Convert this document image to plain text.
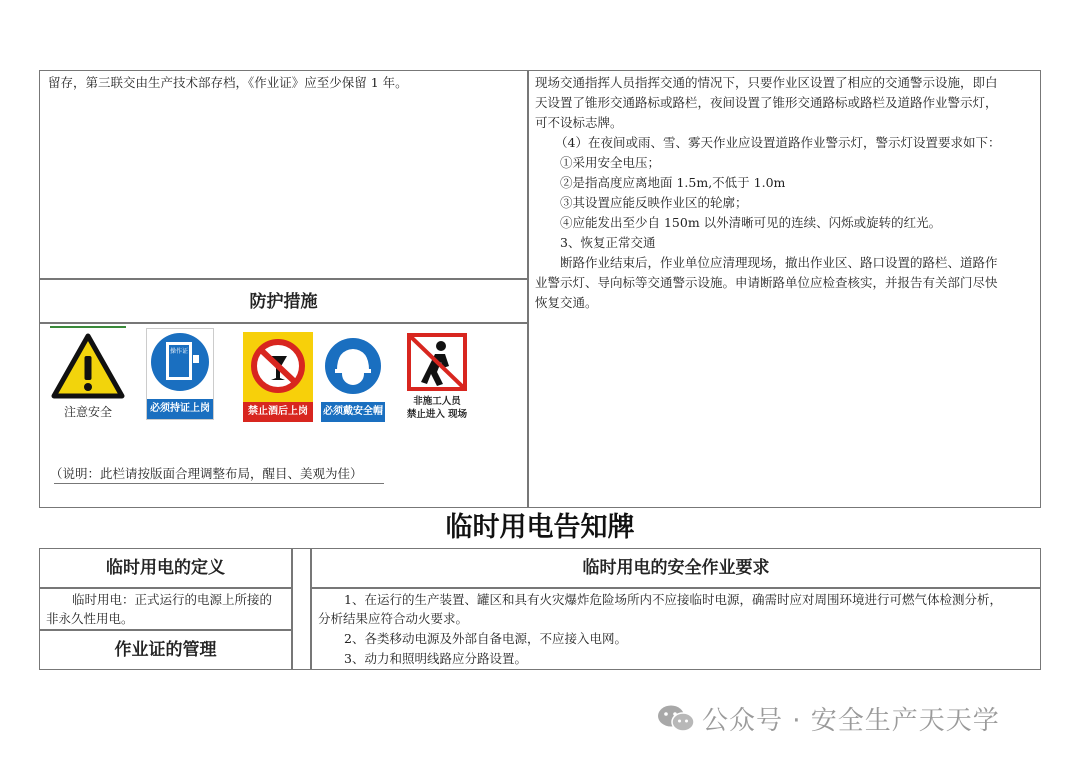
留存，第三联交由生产技术部存档，《作业证》应至少保留 1 年。
防护措施
注意安全
操作证
必须持证上岗	禁止酒后上岗	必须戴安全帽
非施工人员
禁止进入 现场
（说明：此栏请按版面合理调整布局，醒目、美观为佳）
现场交通指挥人员指挥交通的情况下，只要作业区设置了相应的交通警示设施，即白
天设置了锥形交通路标或路栏，夜间设置了锥形交通路标或路栏及道路作业警示灯，
可不设标志牌。
（4）在夜间或雨、雪、雾天作业应设置道路作业警示灯，警示灯设置要求如下：
①采用安全电压；
②是指高度应离地面 1.5m,不低于 1.0m
③其设置应能反映作业区的轮廓；
④应能发出至少自 150m 以外清晰可见的连续、闪烁或旋转的红光。
3、恢复正常交通
断路作业结束后，作业单位应清理现场，撤出作业区、路口设置的路栏、道路作
业警示灯、导向标等交通警示设施。申请断路单位应检查核实，并报告有关部门尽快
恢复交通。
临时用电告知牌
临时用电的定义	临时用电的安全作业要求
临时用电：正式运行的电源上所接的
非永久性用电。
作业证的管理
1、在运行的生产装置、罐区和具有火灾爆炸危险场所内不应接临时电源，确需时应对周围环境进行可燃气体检测分析，
分析结果应符合动火要求。
2、各类移动电源及外部自备电源，不应接入电网。
3、动力和照明线路应分路设置。
公众号 · 安全生产天天学
